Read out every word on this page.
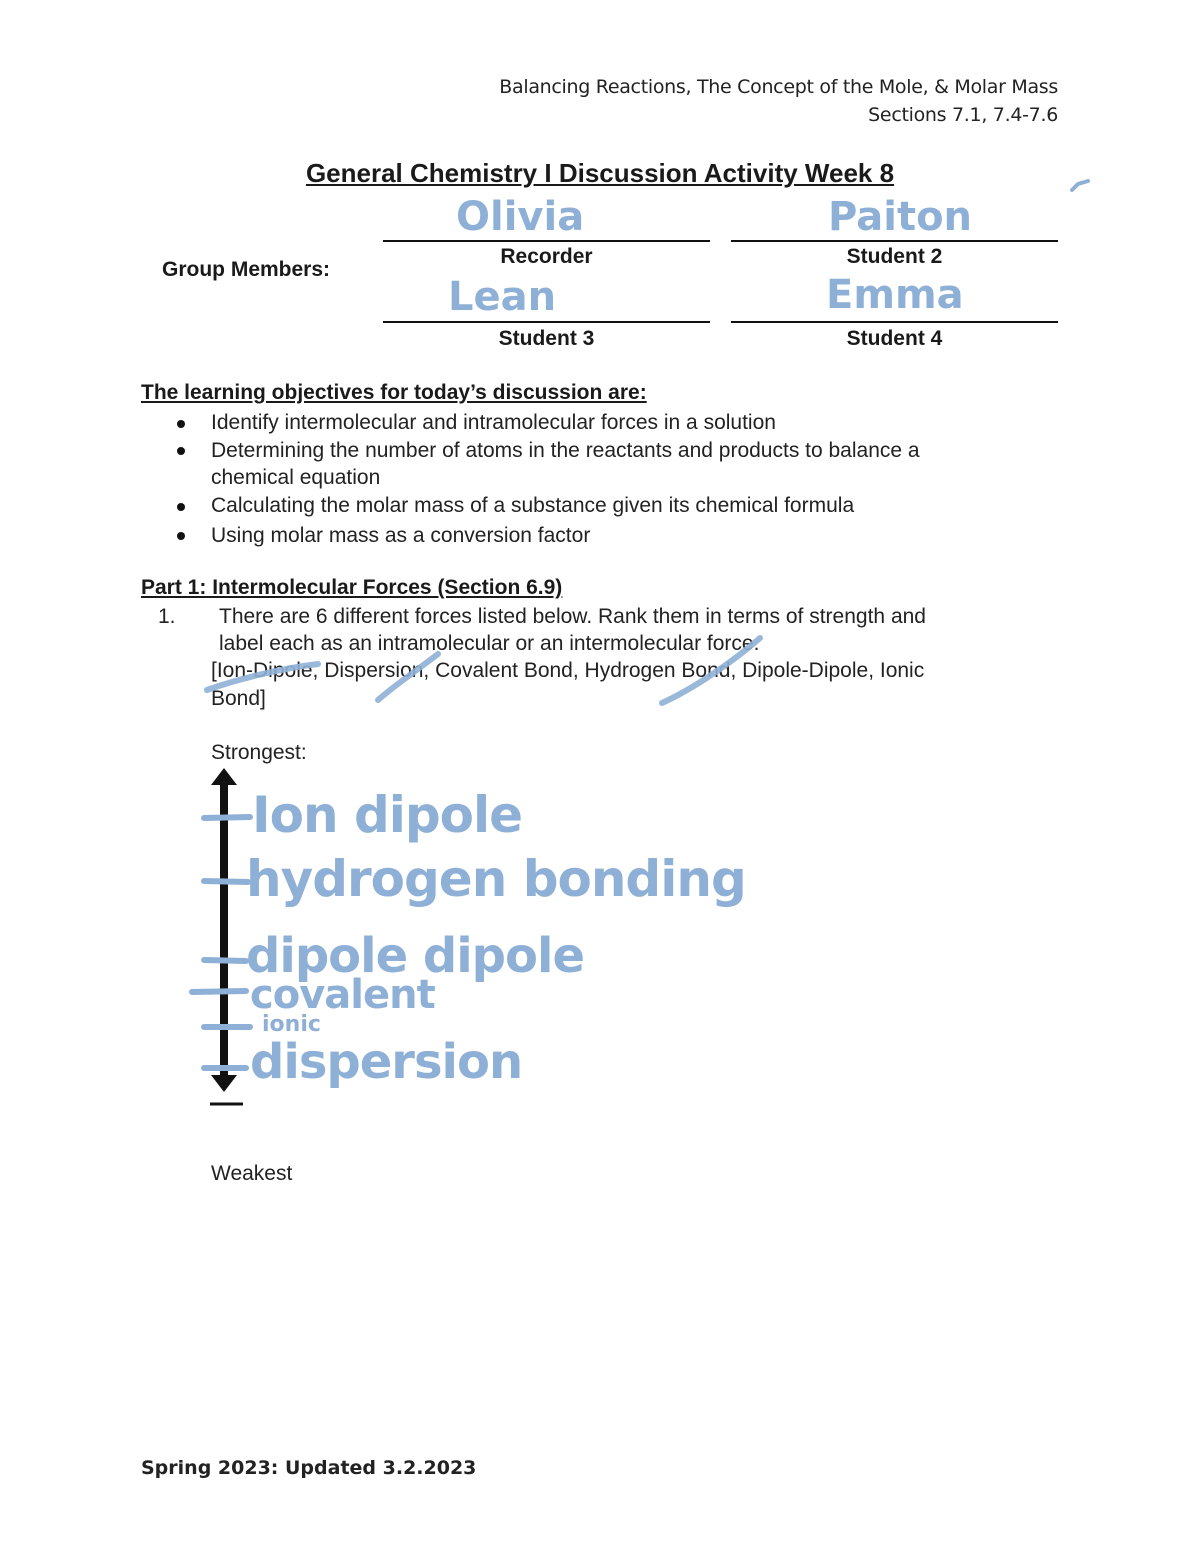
Balancing Reactions, The Concept of the Mole, & Molar Mass
Sections 7.1, 7.4-7.6
General Chemistry I Discussion Activity Week 8
Group Members:
Olivia
Recorder
Paiton
Student 2
Lean
Student 3
Emma
Student 4
The learning objectives for today’s discussion are:
Identify intermolecular and intramolecular forces in a solution
Determining the number of atoms in the reactants and products to balance a
chemical equation
Calculating the molar mass of a substance given its chemical formula
Using molar mass as a conversion factor
Part 1: Intermolecular Forces (Section 6.9)
1. There are 6 different forces listed below. Rank them in terms of strength and
label each as an intramolecular or an intermolecular force.
[Ion-Dipole, Dispersion, Covalent Bond, Hydrogen Bond, Dipole-Dipole, Ionic
Bond]
Strongest:
Weakest
Ion dipole
hydrogen bonding
dipole dipole
covalent
ionic
dispersion
Spring 2023: Updated 3.2.2023
